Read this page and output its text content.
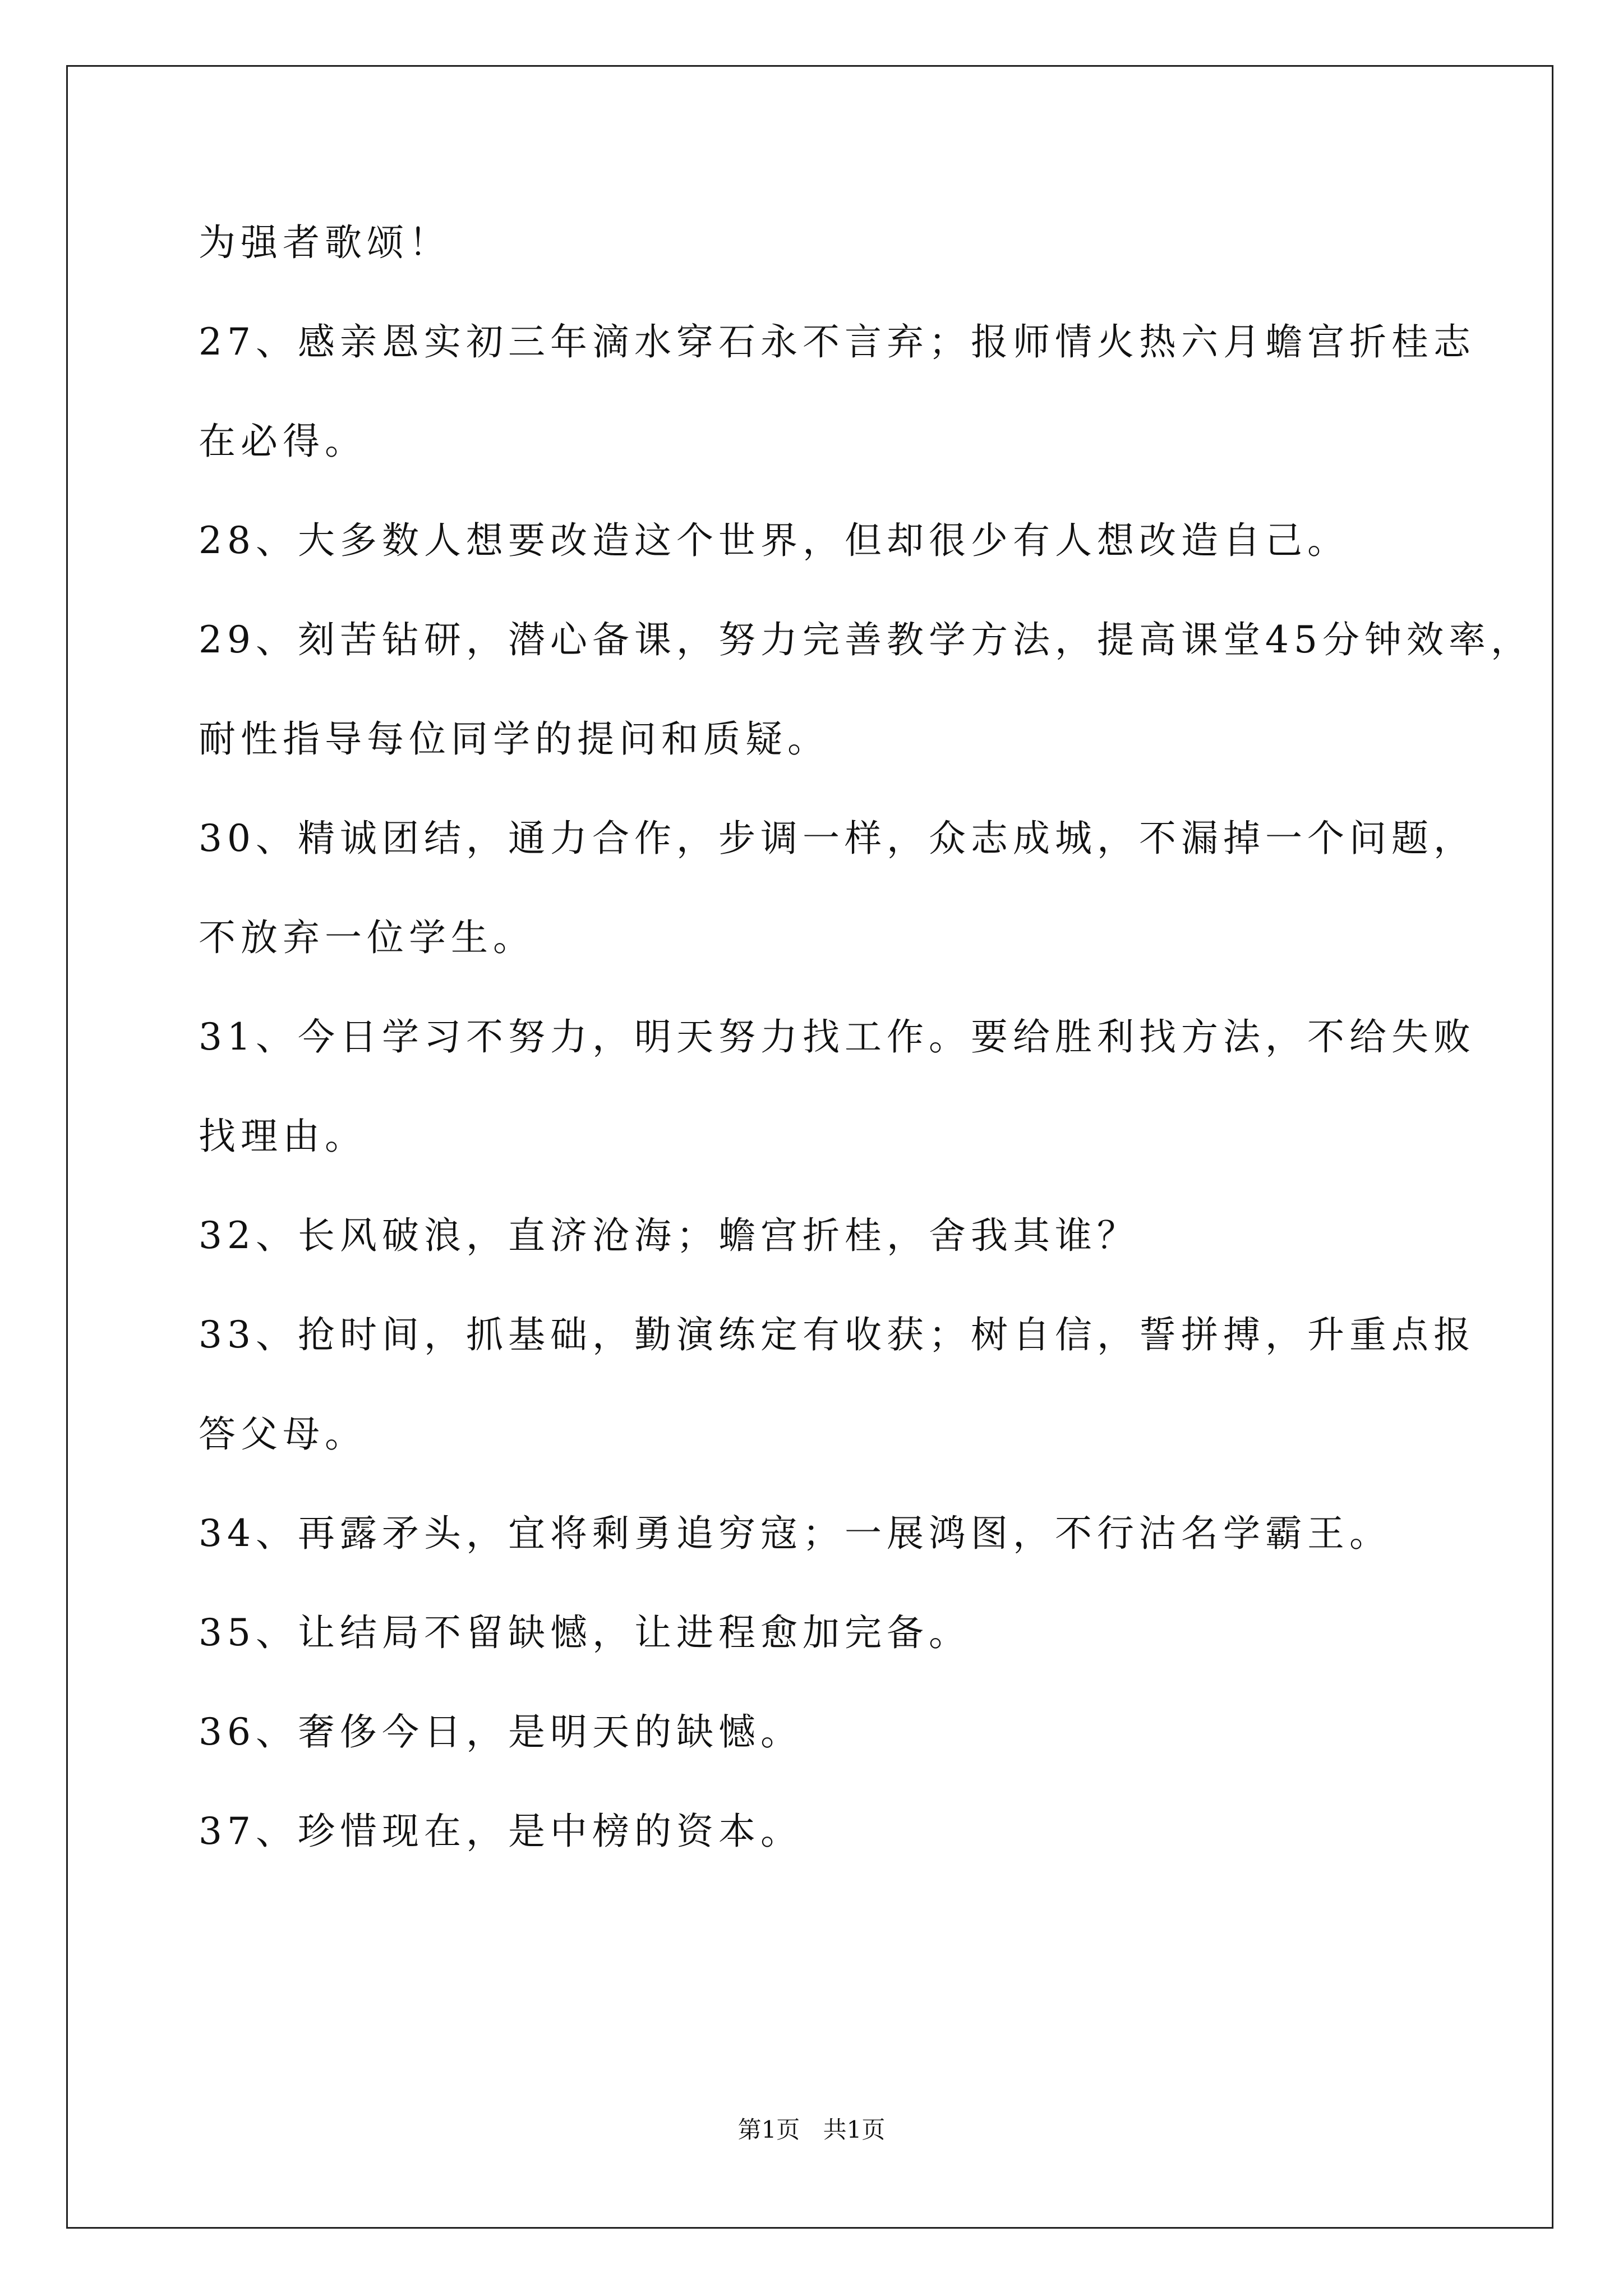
为强者歌颂！
27、感亲恩实初三年滴水穿石永不言弃；报师情火热六月蟾宫折桂志
在必得。
28、大多数人想要改造这个世界，但却很少有人想改造自己。
29、刻苦钻研，潜心备课，努力完善教学方法，提高课堂45分钟效率，
耐性指导每位同学的提问和质疑。
30、精诚团结，通力合作，步调一样，众志成城，不漏掉一个问题，
不放弃一位学生。
31、今日学习不努力，明天努力找工作。要给胜利找方法，不给失败
找理由。
32、长风破浪，直济沧海；蟾宫折桂，舍我其谁？
33、抢时间，抓基础，勤演练定有收获；树自信，誓拼搏，升重点报
答父母。
34、再露矛头，宜将剩勇追穷寇；一展鸿图，不行沽名学霸王。
35、让结局不留缺憾，让进程愈加完备。
36、奢侈今日，是明天的缺憾。
37、珍惜现在，是中榜的资本。
第1页 共1页
